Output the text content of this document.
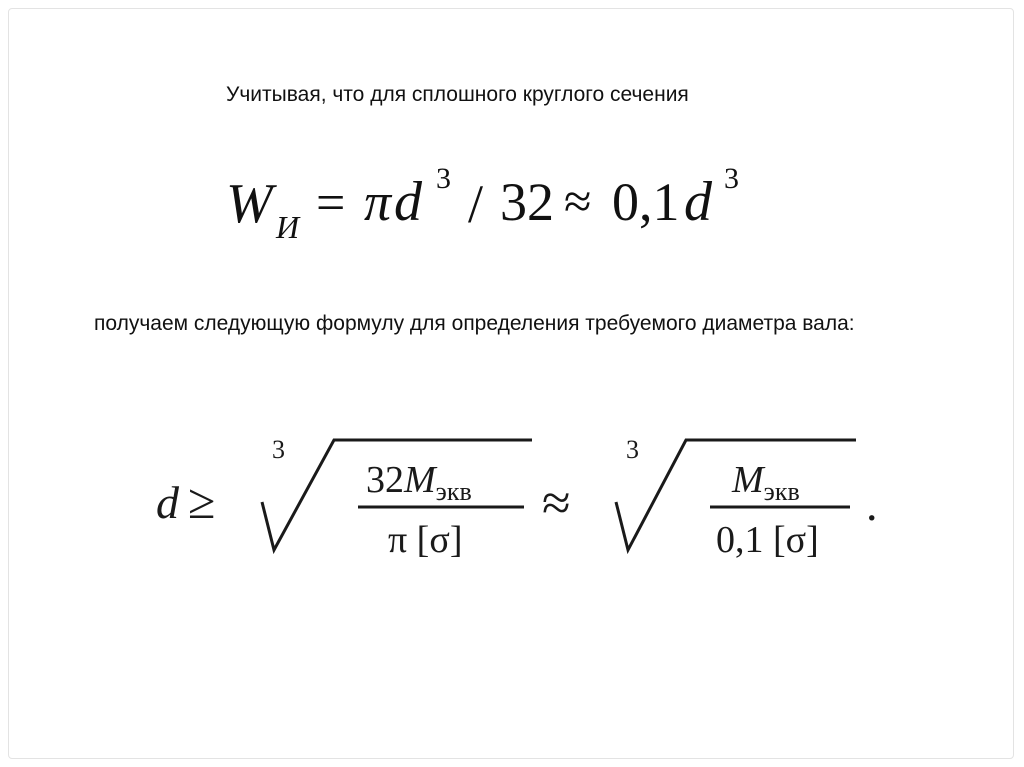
Учитывая, что для сплошного круглого сечения
W И = π d 3 / 32 ≈ 0,1 d 3
получаем следующую формулу для определения требуемого диаметра вала:
d ≥
3
$32M_{экв}$
π [σ]
≈
3
$M_{экв}$
0,1 [σ]
.
